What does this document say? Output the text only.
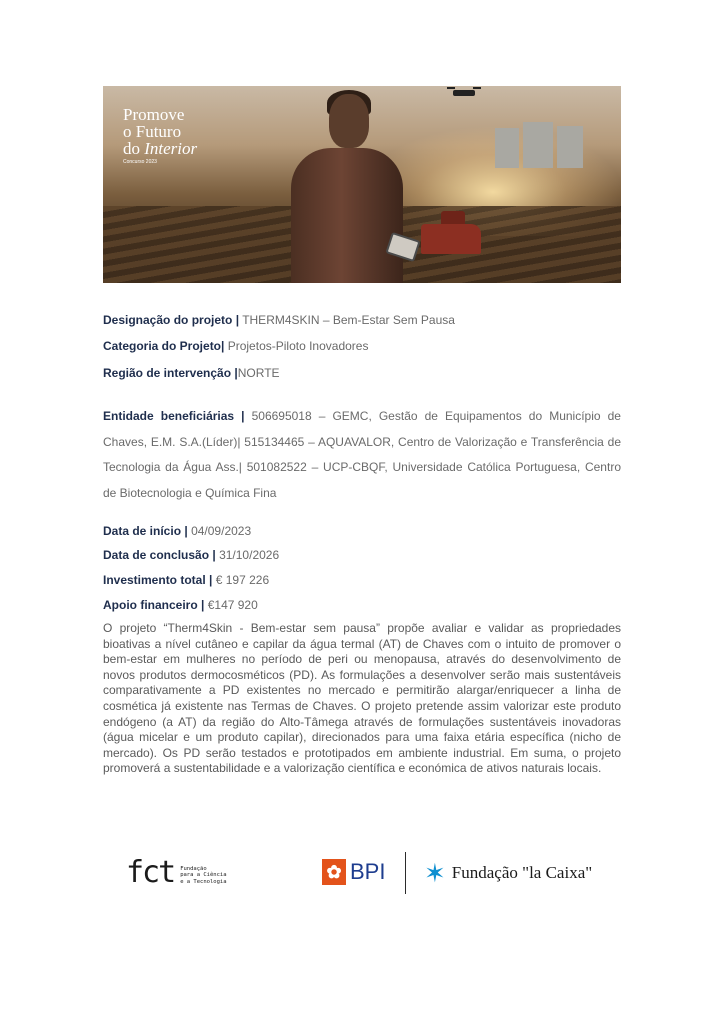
Promove
o Futuro
do Interior
Concurso 2023
Designação do projeto | THERM4SKIN – Bem-Estar Sem Pausa
Categoria do Projeto| Projetos-Piloto Inovadores
Região de intervenção |NORTE
Entidade beneficiárias | 506695018 – GEMC, Gestão de Equipamentos do Município de Chaves, E.M. S.A.(Líder)| 515134465 – AQUAVALOR, Centro de Valorização e Transferência de Tecnologia da Água Ass.| 501082522 – UCP-CBQF, Universidade Católica Portuguesa, Centro de Biotecnologia e Química Fina
Data de início | 04/09/2023
Data de conclusão | 31/10/2026
Investimento total | € 197 226
Apoio financeiro | €147 920

O projeto “Therm4Skin - Bem-estar sem pausa” propõe avaliar e validar as propriedades bioativas a nível cutâneo e capilar da água termal (AT) de Chaves com o intuito de promover o bem-estar em mulheres no período de peri ou menopausa, através do desenvolvimento de novos produtos dermocosméticos (PD). As formulações a desenvolver serão mais sustentáveis comparativamente a PD existentes no mercado e permitirão alargar/enriquecer a linha de cosmética já existente nas Termas de Chaves. O projeto pretende assim valorizar este produto endógeno (a AT) da região do Alto-Tâmega através de formulações sustentáveis inovadoras (água micelar e um produto capilar), direcionados para uma faixa etária específica (nicho de mercado). Os PD serão testados e prototipados em ambiente industrial. Em suma, o projeto promoverá a sustentabilidade e a valorização científica e económica de ativos naturais locais.

fct Fundação
para a Ciência
e a Tecnologia	✿ BPI ✶ Fundação "la Caixa"
